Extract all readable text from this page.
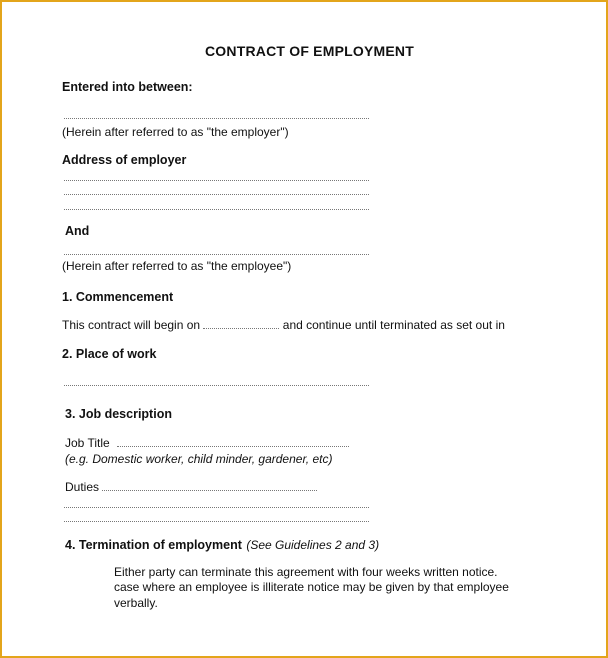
CONTRACT OF EMPLOYMENT
Entered into between:
(Herein after referred to as "the employer")
Address of employer
And
(Herein after referred to as "the employee")
1. Commencement
This contract will begin on	and continue until terminated as set out in
2. Place of work
3. Job description
Job Title
(e.g. Domestic worker, child minder, gardener, etc)
Duties
4. Termination of employment (See Guidelines 2 and 3)
Either party can terminate this agreement with four weeks written notice.
case where an employee is illiterate notice may be given by that employee
verbally.
